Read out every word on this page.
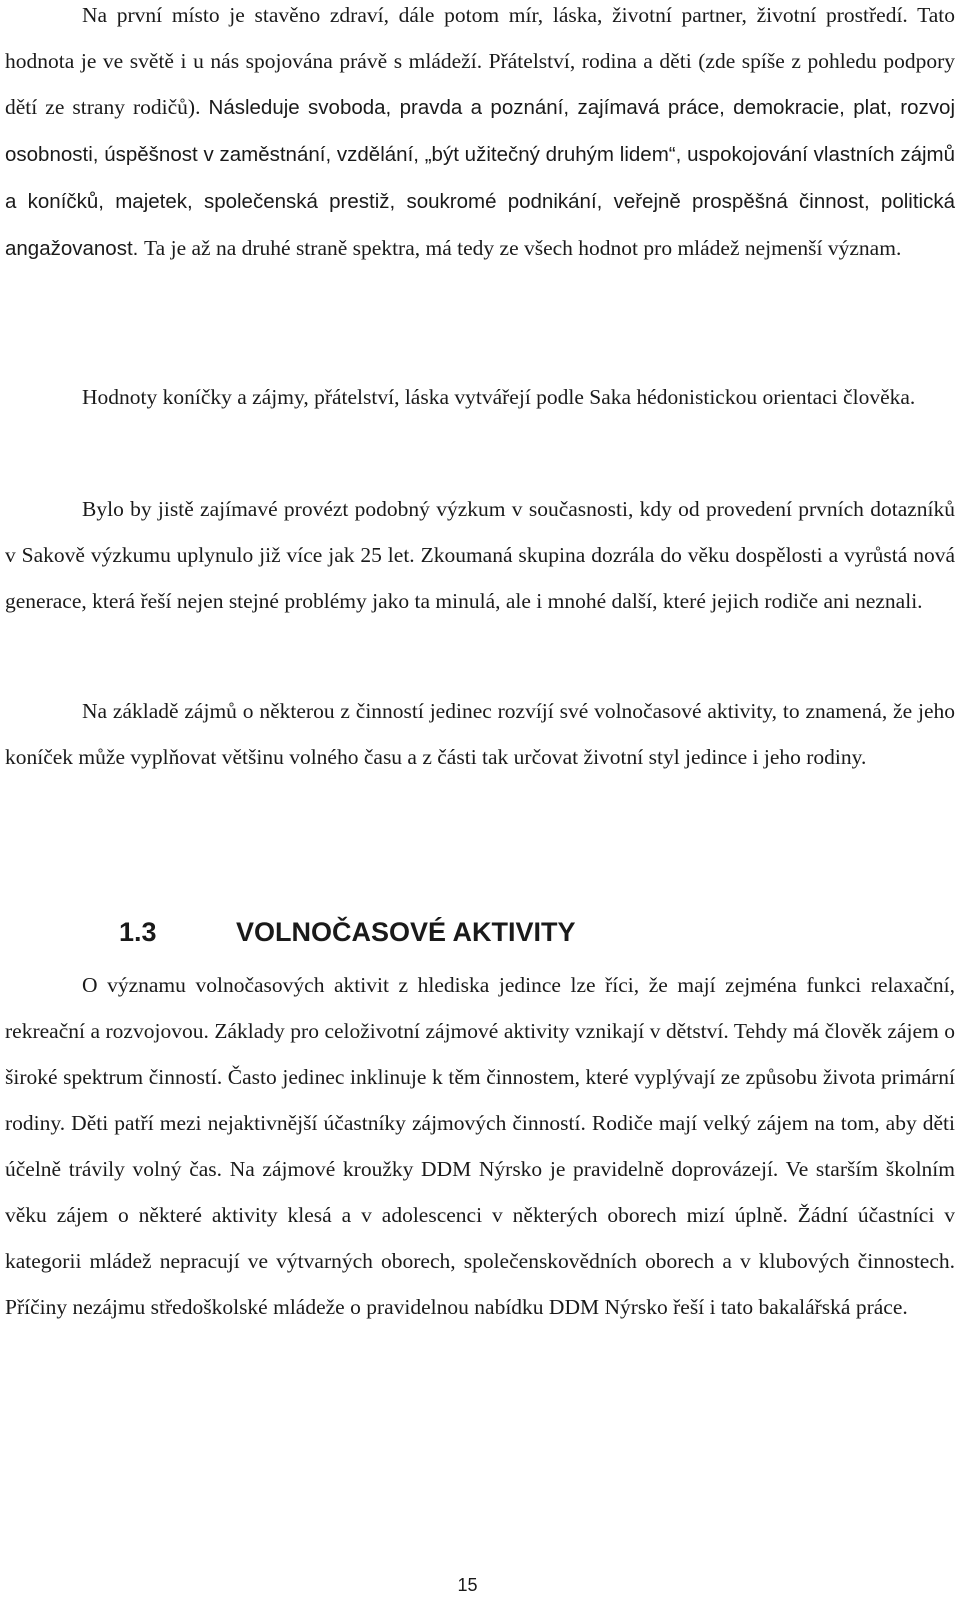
Na první místo je stavěno zdraví, dále potom mír, láska, životní partner, životní prostředí. Tato hodnota je ve světě i u nás spojována právě s mládeží. Přátelství, rodina a děti (zde spíše z pohledu podpory dětí ze strany rodičů). Následuje svoboda, pravda a poznání, zajímavá práce, demokracie, plat, rozvoj osobnosti, úspěšnost v zaměstnání, vzdělání, „být užitečný druhým lidem“, uspokojování vlastních zájmů a koníčků, majetek, společenská prestiž, soukromé podnikání, veřejně prospěšná činnost, politická angažovanost. Ta je až na druhé straně spektra, má tedy ze všech hodnot pro mládež nejmenší význam.

Hodnoty koníčky a zájmy, přátelství, láska vytvářejí podle Saka hédonistickou orientaci člověka.

Bylo by jistě zajímavé provézt podobný výzkum v současnosti, kdy od provedení prvních dotazníků v Sakově výzkumu uplynulo již více jak 25 let. Zkoumaná skupina dozrála do věku dospělosti a vyrůstá nová generace, která řeší nejen stejné problémy jako ta minulá, ale i mnohé další, které jejich rodiče ani neznali.

Na základě zájmů o některou z činností jedinec rozvíjí své volnočasové aktivity, to znamená, že jeho koníček může vyplňovat většinu volného času a z části tak určovat životní styl jedince i jeho rodiny.

1.3	VOLNOČASOVÉ AKTIVITY

O významu volnočasových aktivit z hlediska jedince lze říci, že mají zejména funkci relaxační, rekreační a rozvojovou. Základy pro celoživotní zájmové aktivity vznikají v dětství. Tehdy má člověk zájem o široké spektrum činností. Často jedinec inklinuje k těm činnostem, které vyplývají ze způsobu života primární rodiny. Děti patří mezi nejaktivnější účastníky zájmových činností. Rodiče mají velký zájem na tom, aby děti účelně trávily volný čas. Na zájmové kroužky DDM Nýrsko je pravidelně doprovázejí. Ve starším školním věku zájem o některé aktivity klesá a v adolescenci v některých oborech mizí úplně. Žádní účastníci v kategorii mládež nepracují ve výtvarných oborech, společenskovědních oborech a v klubových činnostech. Příčiny nezájmu středoškolské mládeže o pravidelnou nabídku DDM Nýrsko řeší i tato bakalářská práce.

15
